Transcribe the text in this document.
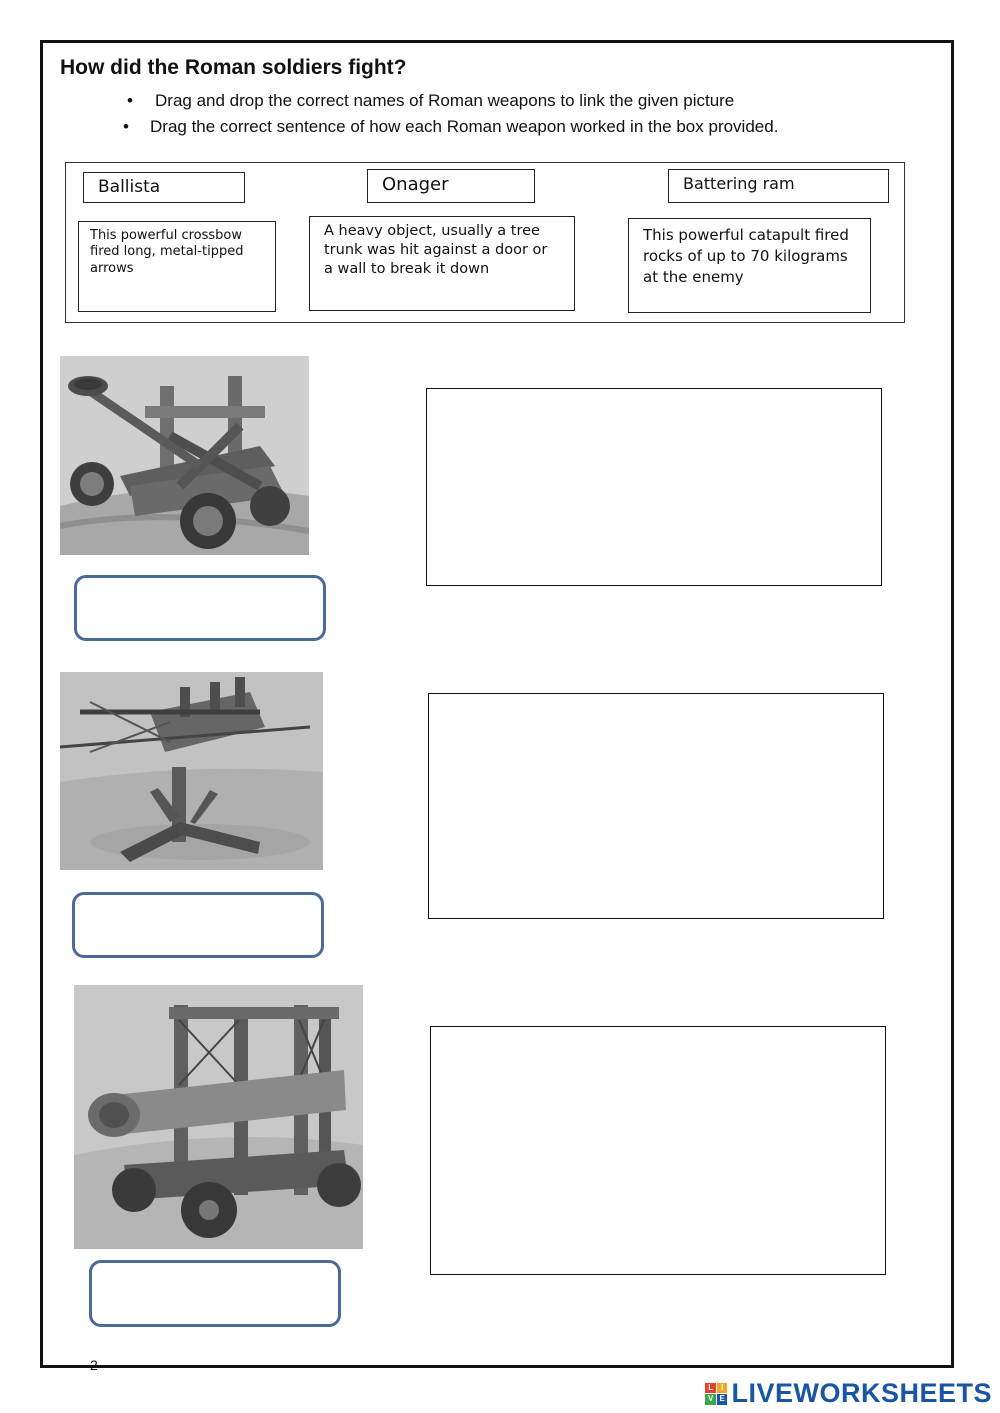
How did the Roman soldiers fight?
• Drag and drop the correct names of Roman weapons to link the given picture
• Drag the correct sentence of how each Roman weapon worked in the box provided.
Ballista	Onager	Battering ram
This powerful crossbow fired long, metal-tipped arrows
A heavy object, usually a tree trunk was hit against a door or a wall to break it down
This powerful catapult fired rocks of up to 70 kilograms at the enemy
2
L I
V E LIVEWORKSHEETS
